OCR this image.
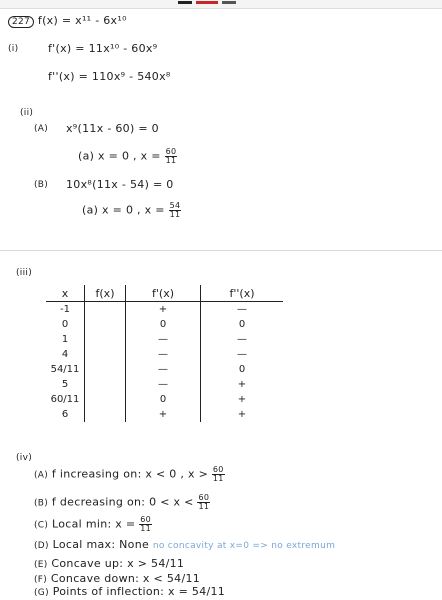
227 f(x) = x¹¹ - 6x¹⁰
(i)	f'(x) = 11x¹⁰ - 60x⁹
f''(x) = 110x⁹ - 540x⁸
(ii)
(A) x⁹(11x - 60) = 0
(a) x = 0 , $x = \frac{60}{11}$
(B) 10x⁸(11x - 54) = 0
(a) x = 0 , $x = \frac{54}{11}$
(iii)
x	f(x)	f'(x)	f''(x)
-1		+	—
0		0	0
1		—	—
4		—	—
54/11		—	0
5		—	+
60/11		0	+
6		+	+
(iv)
(A) f increasing on: x < 0 , $x > \frac{60}{11}$
(B) f decreasing on: $0 < x < \frac{60}{11}$
(C) Local min: $x = \frac{60}{11}$
(D) Local max: None no concavity at x=0 => no extremum
(E) Concave up: x > 54/11
(F) Concave down: x < 54/11
(G) Points of inflection: x = 54/11
